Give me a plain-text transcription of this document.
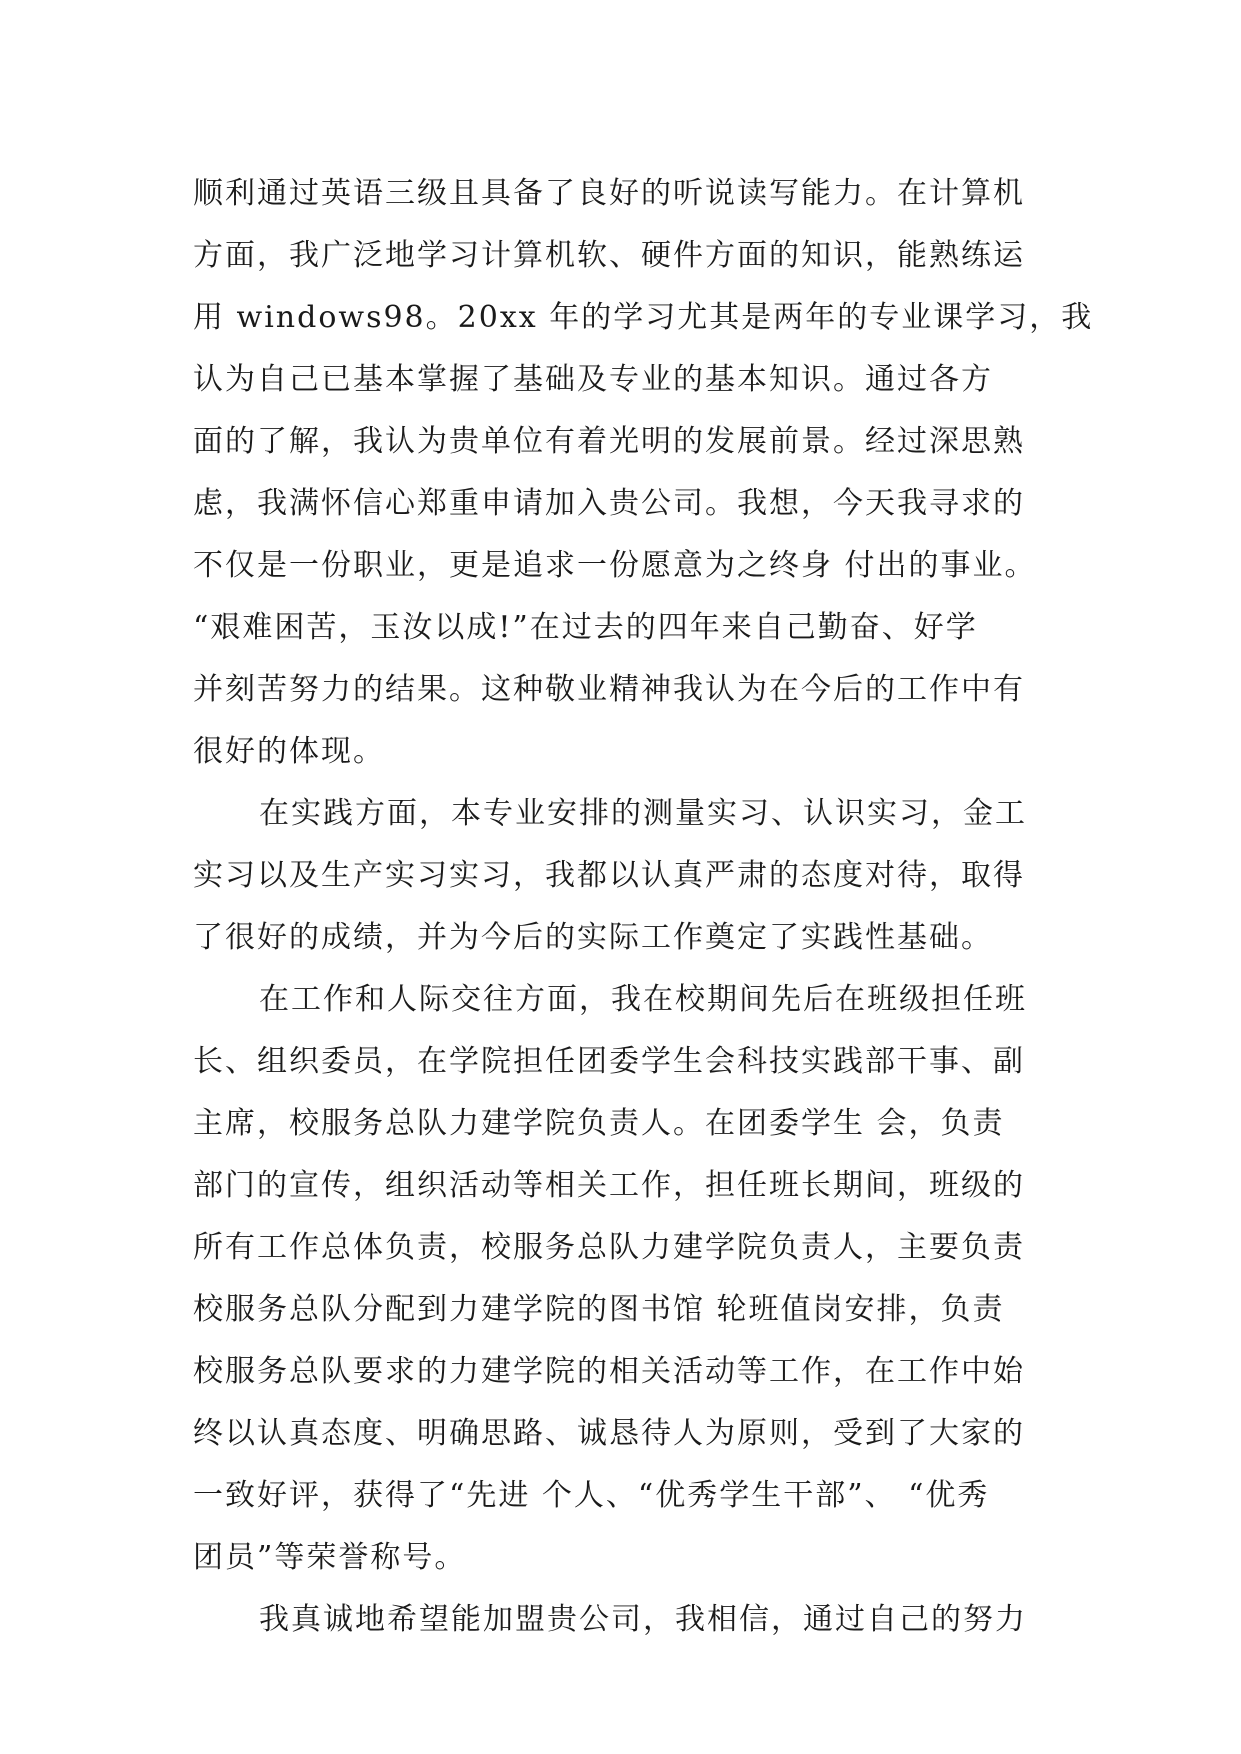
顺利通过英语三级且具备了良好的听说读写能力。在计算机
方面，我广泛地学习计算机软、硬件方面的知识，能熟练运
用 windows98。20xx 年的学习尤其是两年的专业课学习，我
认为自己已基本掌握了基础及专业的基本知识。通过各方
面的了解，我认为贵单位有着光明的发展前景。经过深思熟
虑，我满怀信心郑重申请加入贵公司。我想，今天我寻求的
不仅是一份职业，更是追求一份愿意为之终身 付出的事业。
“艰难困苦，玉汝以成!”在过去的四年来自己勤奋、好学
并刻苦努力的结果。这种敬业精神我认为在今后的工作中有
很好的体现。
在实践方面，本专业安排的测量实习、认识实习，金工
实习以及生产实习实习，我都以认真严肃的态度对待，取得
了很好的成绩，并为今后的实际工作奠定了实践性基础。
在工作和人际交往方面，我在校期间先后在班级担任班
长、组织委员，在学院担任团委学生会科技实践部干事、副
主席，校服务总队力建学院负责人。在团委学生 会，负责
部门的宣传，组织活动等相关工作，担任班长期间，班级的
所有工作总体负责，校服务总队力建学院负责人，主要负责
校服务总队分配到力建学院的图书馆 轮班值岗安排，负责
校服务总队要求的力建学院的相关活动等工作，在工作中始
终以认真态度、明确思路、诚恳待人为原则，受到了大家的
一致好评，获得了“先进 个人、“优秀学生干部”、 “优秀
团员”等荣誉称号。
我真诚地希望能加盟贵公司，我相信，通过自己的努力
